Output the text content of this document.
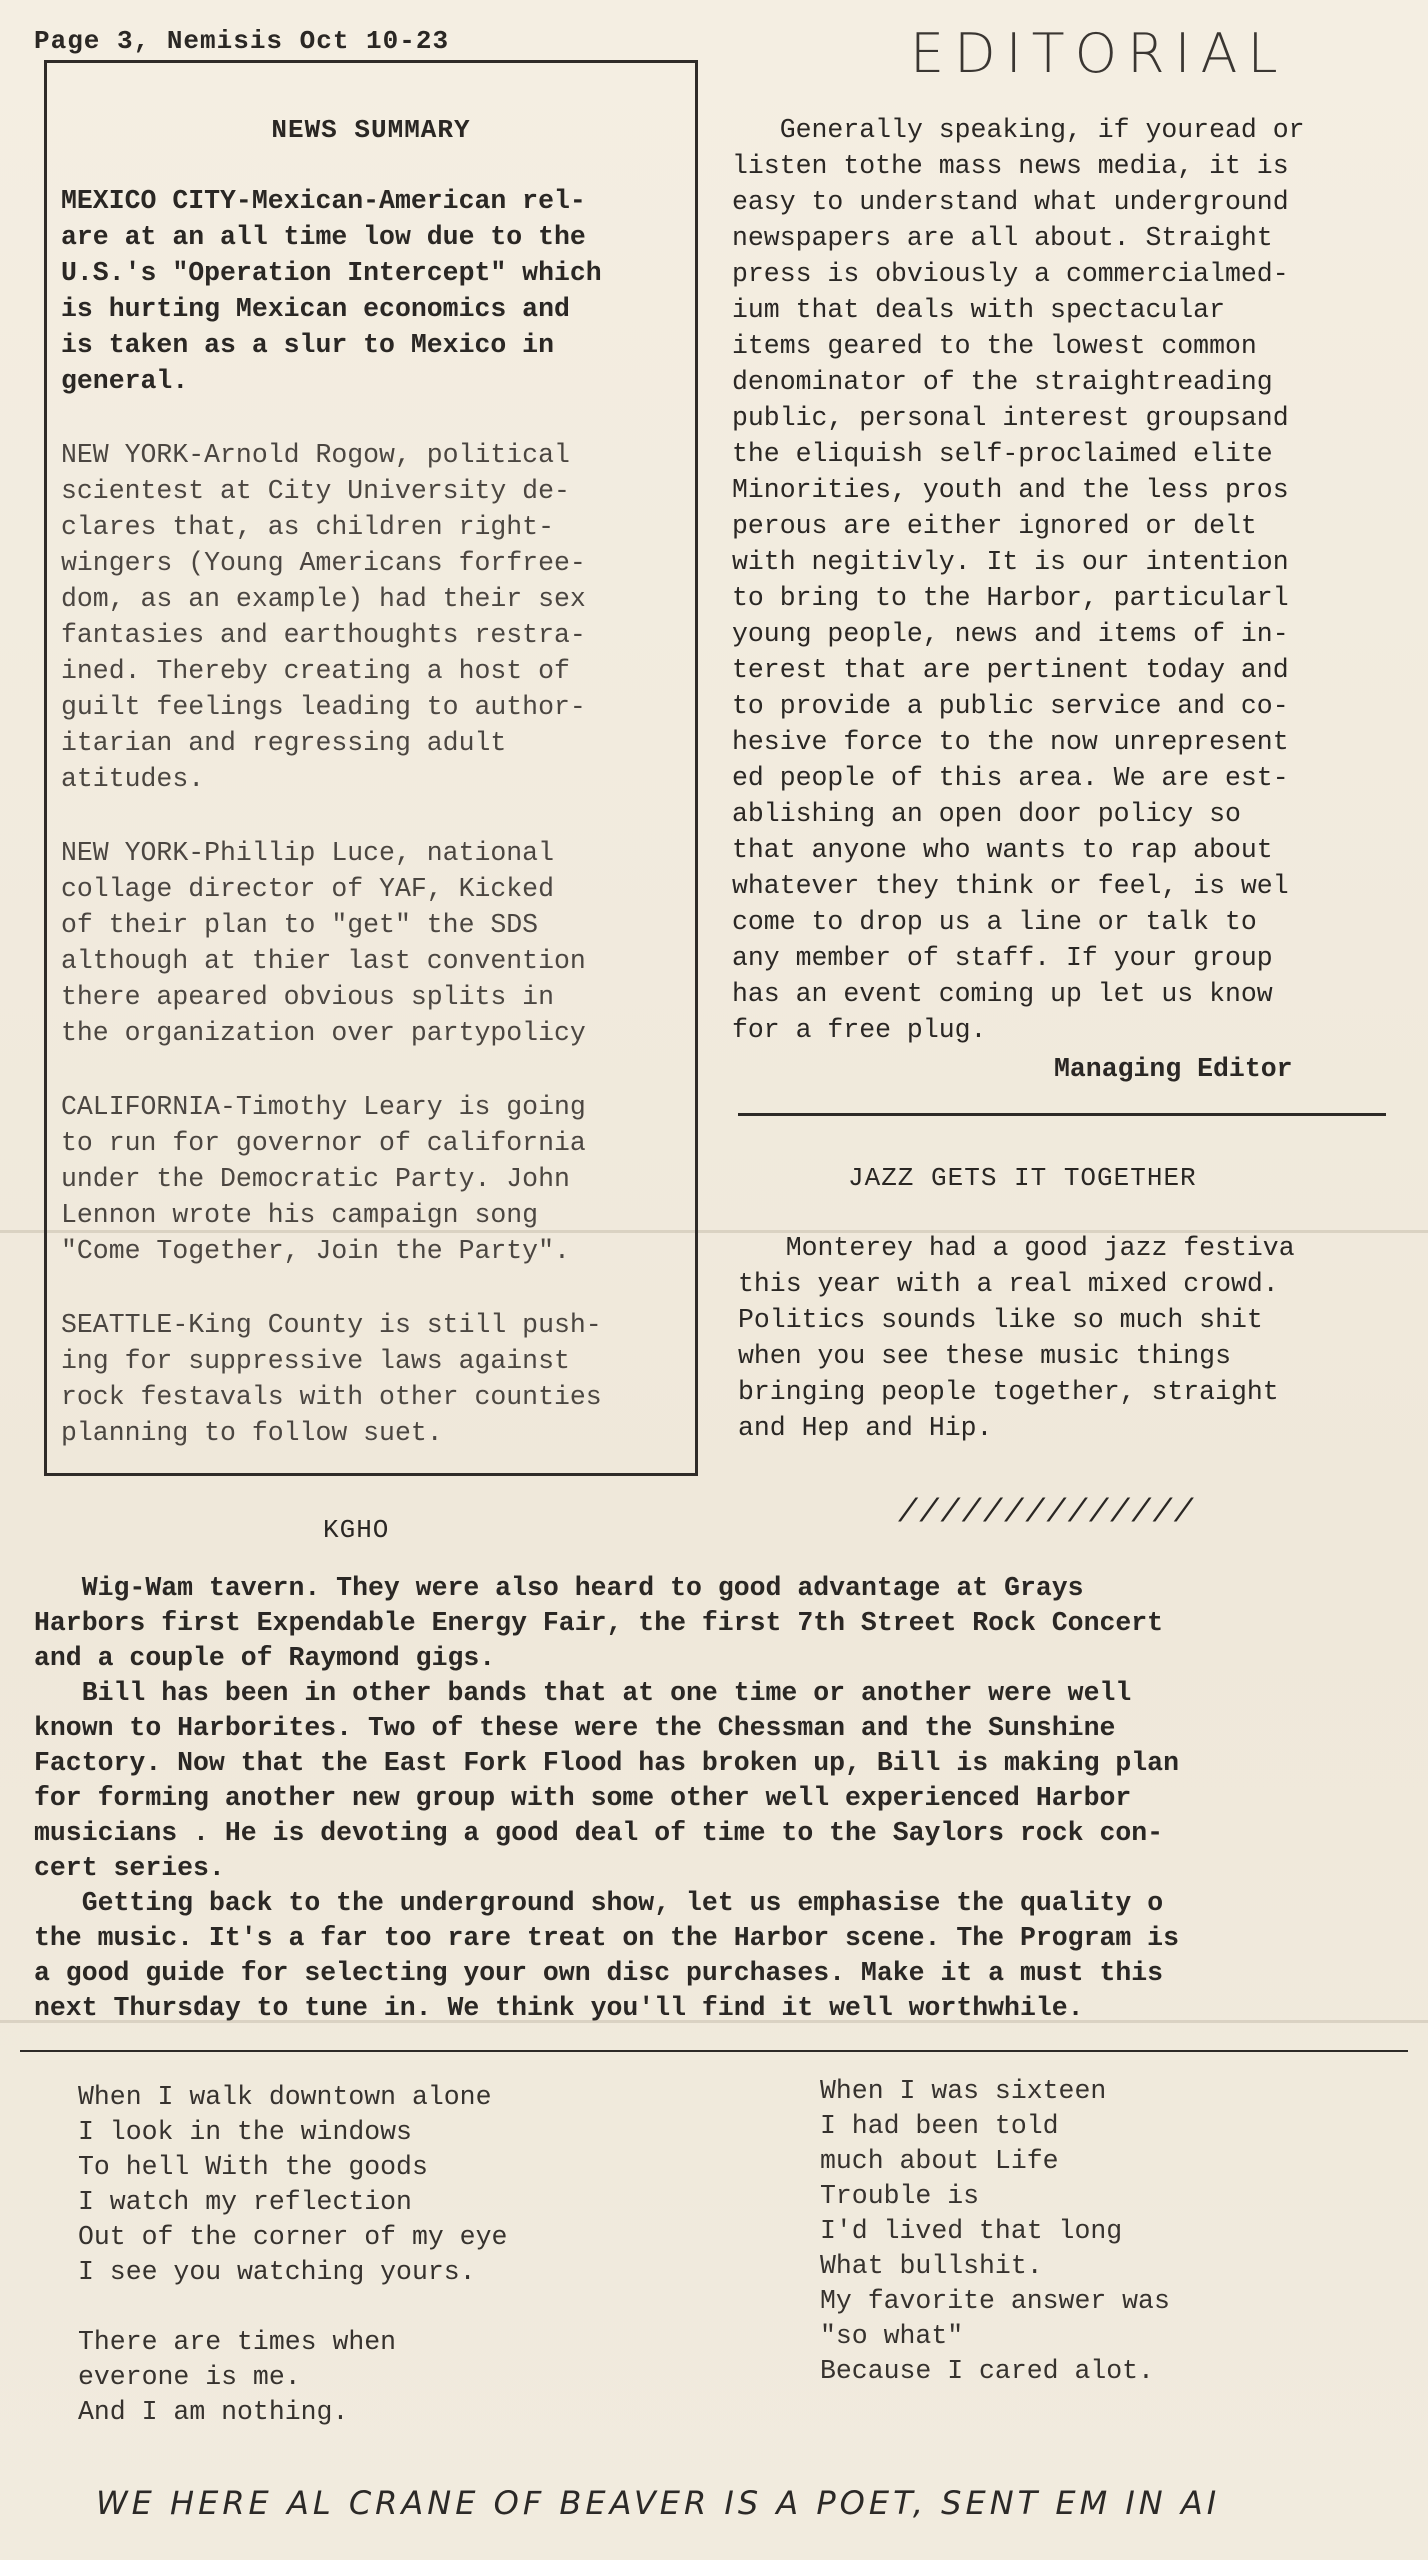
Page 3, Nemisis Oct 10-23	EDITORIAL
NEWS SUMMARY

MEXICO CITY-Mexican-American rel-
are at an all time low due to the
U.S.'s "Operation Intercept" which
is hurting Mexican economics and
is taken as a slur to Mexico in
general.

NEW YORK-Arnold Rogow, political
scientest at City University de-
clares that, as children right-
wingers (Young Americans forfree-
dom, as an example) had their sex
fantasies and earthoughts restra-
ined. Thereby creating a host of
guilt feelings leading to author-
itarian and regressing adult
atitudes.

NEW YORK-Phillip Luce, national
collage director of YAF, Kicked
of their plan to "get" the SDS
although at thier last convention
there apeared obvious splits in
the organization over partypolicy

CALIFORNIA-Timothy Leary is going
to run for governor of california
under the Democratic Party. John
Lennon wrote his campaign song
"Come Together, Join the Party".

SEATTLE-King County is still push-
ing for suppressive laws against
rock festavals with other counties
planning to follow suet.

Generally speaking, if youread or
listen tothe mass news media, it is
easy to understand what underground
newspapers are all about. Straight
press is obviously a commercialmed-
ium that deals with spectacular
items geared to the lowest common
denominator of the straightreading
public, personal interest groupsand
the eliquish self-proclaimed elite
Minorities, youth and the less pros
perous are either ignored or delt
with negitivly. It is our intention
to bring to the Harbor, particularl
young people, news and items of in-
terest that are pertinent today and
to provide a public service and co-
hesive force to the now unrepresent
ed people of this area. We are est-
ablishing an open door policy so
that anyone who wants to rap about
whatever they think or feel, is wel
come to drop us a line or talk to
any member of staff. If your group
has an event coming up let us know
for a free plug.

Managing Editor
JAZZ GETS IT TOGETHER

Monterey had a good jazz festiva
this year with a real mixed crowd.
Politics sounds like so much shit
when you see these music things
bringing people together, straight
and Hep and Hip.

//////////////
KGHO

Wig-Wam tavern. They were also heard to good advantage at Grays
Harbors first Expendable Energy Fair, the first 7th Street Rock Concert
and a couple of Raymond gigs.
Bill has been in other bands that at one time or another were well
known to Harborites. Two of these were the Chessman and the Sunshine
Factory. Now that the East Fork Flood has broken up, Bill is making plan
for forming another new group with some other well experienced Harbor
musicians . He is devoting a good deal of time to the Saylors rock con-
cert series.
Getting back to the underground show, let us emphasise the quality o
the music. It's a far too rare treat on the Harbor scene. The Program is
a good guide for selecting your own disc purchases. Make it a must this
next Thursday to tune in. We think you'll find it well worthwhile.

When I walk downtown alone
I look in the windows
To hell With the goods
I watch my reflection
Out of the corner of my eye
I see you watching yours.

There are times when
everone is me.
And I am nothing.

When I was sixteen
I had been told
much about Life
Trouble is
I'd lived that long
What bullshit.
My favorite answer was
"so what"
Because I cared alot.

WE HERE AL CRANE OF BEAVER IS A POET, SENT EM IN AI
